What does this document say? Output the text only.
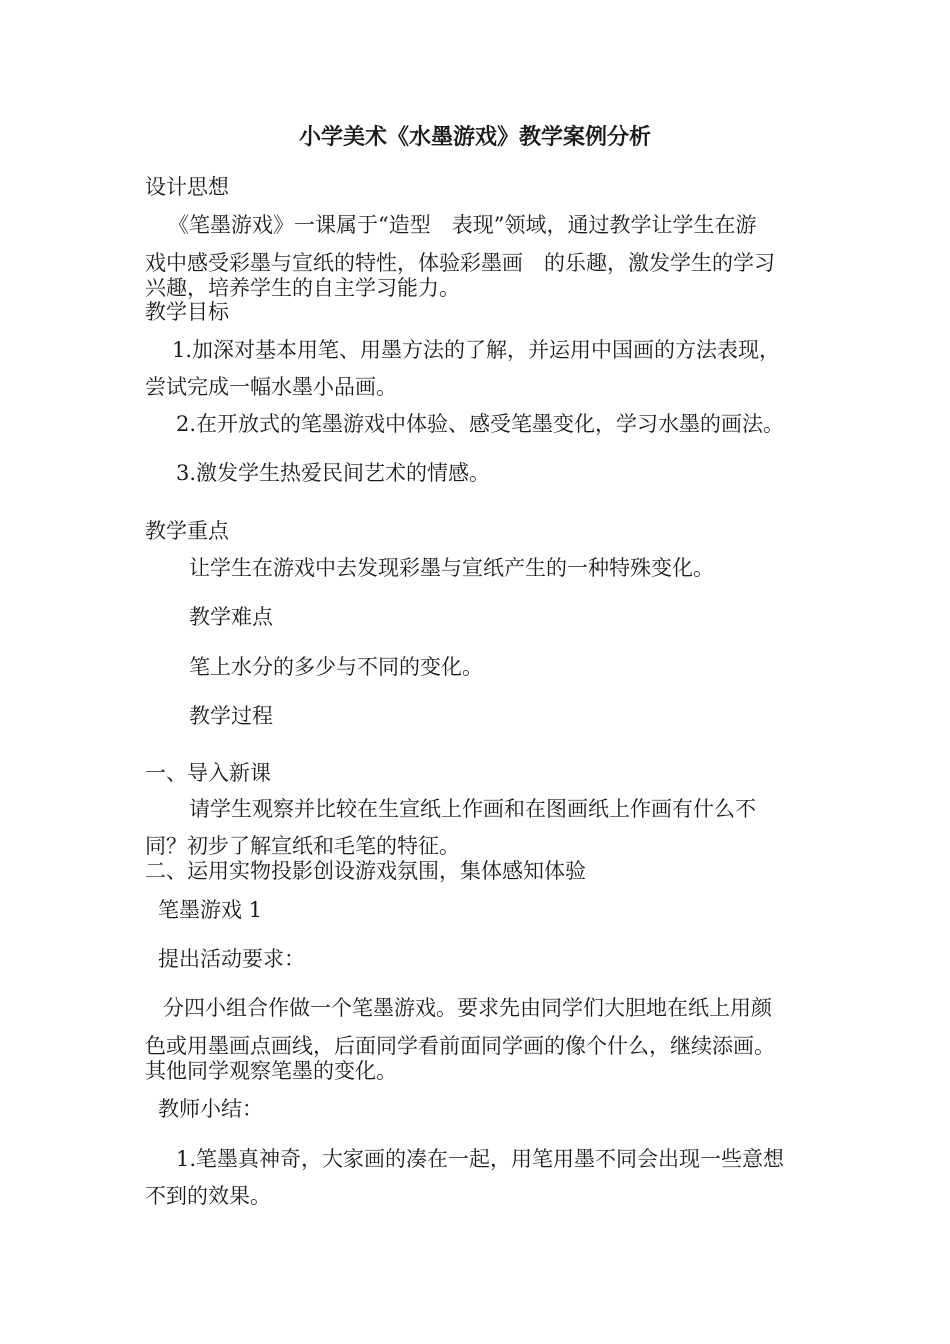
小学美术《水墨游戏》教学案例分析

设计思想

《笔墨游戏》一课属于“造型　表现”领域，通过教学让学生在游

戏中感受彩墨与宣纸的特性，体验彩墨画　的乐趣，激发学生的学习

兴趣，培养学生的自主学习能力。

教学目标

1.加深对基本用笔、用墨方法的了解，并运用中国画的方法表现，

尝试完成一幅水墨小品画。

2.在开放式的笔墨游戏中体验、感受笔墨变化，学习水墨的画法。

3.激发学生热爱民间艺术的情感。

教学重点

让学生在游戏中去发现彩墨与宣纸产生的一种特殊变化。

教学难点

笔上水分的多少与不同的变化。

教学过程

一、导入新课

请学生观察并比较在生宣纸上作画和在图画纸上作画有什么不

同？初步了解宣纸和毛笔的特征。

二、运用实物投影创设游戏氛围，集体感知体验

笔墨游戏 1

提出活动要求：

分四小组合作做一个笔墨游戏。要求先由同学们大胆地在纸上用颜

色或用墨画点画线，后面同学看前面同学画的像个什么，继续添画。

其他同学观察笔墨的变化。

教师小结：

1.笔墨真神奇，大家画的凑在一起，用笔用墨不同会出现一些意想

不到的效果。
